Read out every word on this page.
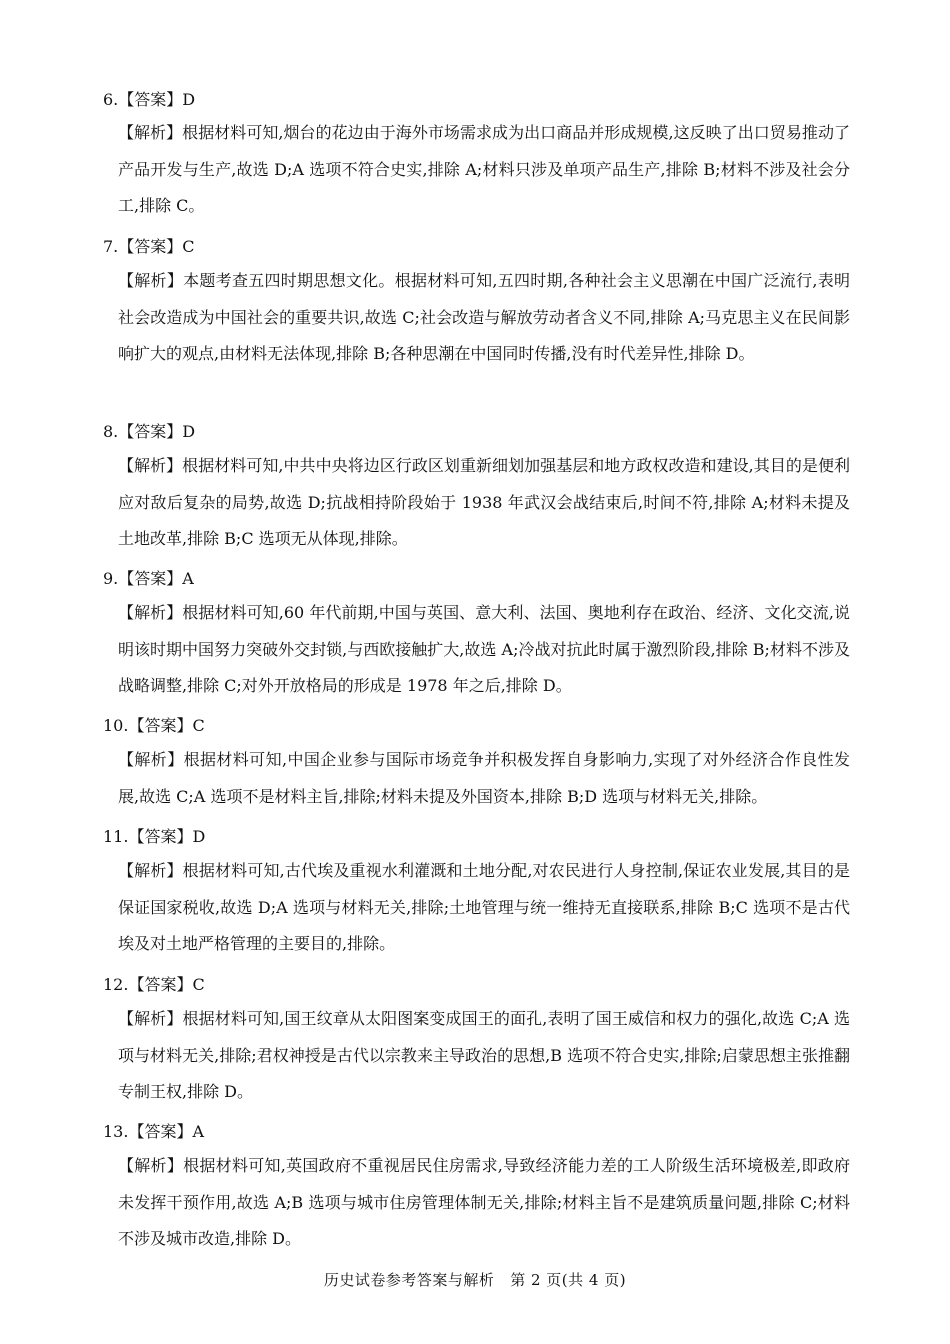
6.【答案】D
【解析】根据材料可知,烟台的花边由于海外市场需求成为出口商品并形成规模,这反映了出口贸易推动了产品开发与生产,故选 D;A 选项不符合史实,排除 A;材料只涉及单项产品生产,排除 B;材料不涉及社会分工,排除 C。
7.【答案】C
【解析】本题考查五四时期思想文化。根据材料可知,五四时期,各种社会主义思潮在中国广泛流行,表明社会改造成为中国社会的重要共识,故选 C;社会改造与解放劳动者含义不同,排除 A;马克思主义在民间影响扩大的观点,由材料无法体现,排除 B;各种思潮在中国同时传播,没有时代差异性,排除 D。
8.【答案】D
【解析】根据材料可知,中共中央将边区行政区划重新细划加强基层和地方政权改造和建设,其目的是便利应对敌后复杂的局势,故选 D;抗战相持阶段始于 1938 年武汉会战结束后,时间不符,排除 A;材料未提及土地改革,排除 B;C 选项无从体现,排除。
9.【答案】A
【解析】根据材料可知,60 年代前期,中国与英国、意大利、法国、奥地利存在政治、经济、文化交流,说明该时期中国努力突破外交封锁,与西欧接触扩大,故选 A;冷战对抗此时属于激烈阶段,排除 B;材料不涉及战略调整,排除 C;对外开放格局的形成是 1978 年之后,排除 D。
10.【答案】C
【解析】根据材料可知,中国企业参与国际市场竞争并积极发挥自身影响力,实现了对外经济合作良性发展,故选 C;A 选项不是材料主旨,排除;材料未提及外国资本,排除 B;D 选项与材料无关,排除。
11.【答案】D
【解析】根据材料可知,古代埃及重视水利灌溉和土地分配,对农民进行人身控制,保证农业发展,其目的是保证国家税收,故选 D;A 选项与材料无关,排除;土地管理与统一维持无直接联系,排除 B;C 选项不是古代埃及对土地严格管理的主要目的,排除。
12.【答案】C
【解析】根据材料可知,国王纹章从太阳图案变成国王的面孔,表明了国王威信和权力的强化,故选 C;A 选项与材料无关,排除;君权神授是古代以宗教来主导政治的思想,B 选项不符合史实,排除;启蒙思想主张推翻专制王权,排除 D。
13.【答案】A
【解析】根据材料可知,英国政府不重视居民住房需求,导致经济能力差的工人阶级生活环境极差,即政府未发挥干预作用,故选 A;B 选项与城市住房管理体制无关,排除;材料主旨不是建筑质量问题,排除 C;材料不涉及城市改造,排除 D。
历史试卷参考答案与解析   第 2 页(共 4 页)
